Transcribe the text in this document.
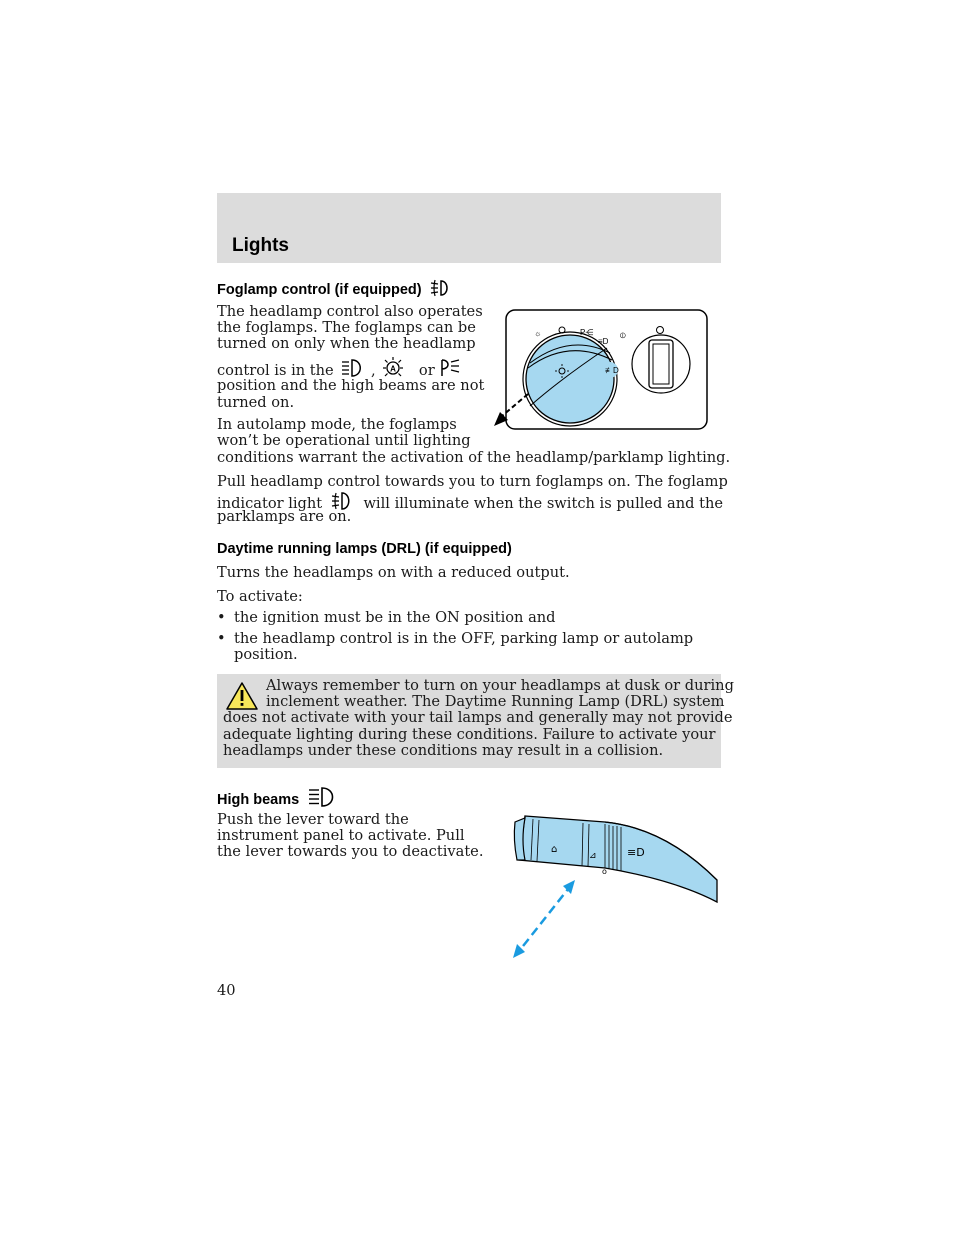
Lights
Foglamp control (if equipped)
The headlamp control also operates
the foglamps. The foglamps can be
turned on only when the headlamp
control is in the	, A or
position and the high beams are not
turned on.
In autolamp mode, the foglamps
won’t be operational until lighting
conditions warrant the activation of the headlamp/parklamp lighting.
Pull headlamp control towards you to turn foglamps on. The foglamp
indicator light	will illuminate when the switch is pulled and the
parklamps are on.
☼	P⋲
≡D
⦶
≢D
Daytime running lamps (DRL) (if equipped)
Turns the headlamps on with a reduced output.
To activate:
• the ignition must be in the ON position and
• the headlamp control is in the OFF, parking lamp or autolamp
position.
Always remember to turn on your headlamps at dusk or during
inclement weather. The Daytime Running Lamp (DRL) system
does not activate with your tail lamps and generally may not provide
adequate lighting during these conditions. Failure to activate your
headlamps under these conditions may result in a collision.
High beams
Push the lever toward the
instrument panel to activate. Pull
the lever towards you to deactivate.	⌂
⊿	≡D
o
40
